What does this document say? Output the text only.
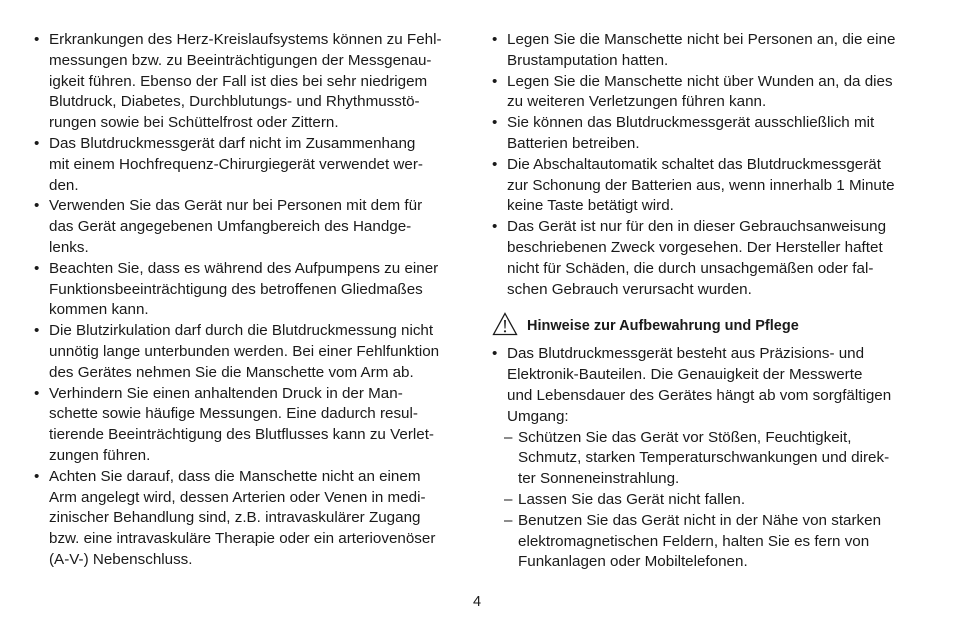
• Erkrankungen des Herz-Kreislaufsystems können zu Fehl-
messungen bzw. zu Beeinträchtigungen der Messgenau-
igkeit führen. Ebenso der Fall ist dies bei sehr niedrigem
Blutdruck, Diabetes, Durchblutungs- und Rhythmusstö-
rungen sowie bei Schüttelfrost oder Zittern.
• Das Blutdruckmessgerät darf nicht im Zusammenhang
mit einem Hochfrequenz-Chirurgiegerät verwendet wer-
den.
• Verwenden Sie das Gerät nur bei Personen mit dem für
das Gerät angegebenen Umfangbereich des Handge-
lenks.
• Beachten Sie, dass es während des Aufpumpens zu einer
Funktionsbeeinträchtigung des betroffenen Gliedmaßes
kommen kann.
• Die Blutzirkulation darf durch die Blutdruckmessung nicht
unnötig lange unterbunden werden. Bei einer Fehlfunktion
des Gerätes nehmen Sie die Manschette vom Arm ab.
• Verhindern Sie einen anhaltenden Druck in der Man-
schette sowie häufige Messungen. Eine dadurch resul-
tierende Beeinträchtigung des Blutflusses kann zu Verlet-
zungen führen.
• Achten Sie darauf, dass die Manschette nicht an einem
Arm angelegt wird, dessen Arterien oder Venen in medi-
zinischer Behandlung sind, z.B. intravaskulärer Zugang
bzw. eine intravaskuläre Therapie oder ein arteriovenöser
(A-V-) Nebenschluss.
• Legen Sie die Manschette nicht bei Personen an, die eine
Brustamputation hatten.
• Legen Sie die Manschette nicht über Wunden an, da dies
zu weiteren Verletzungen führen kann.
• Sie können das Blutdruckmessgerät ausschließlich mit
Batterien betreiben.
• Die Abschaltautomatik schaltet das Blutdruckmessgerät
zur Schonung der Batterien aus, wenn innerhalb 1 Minute
keine Taste betätigt wird.
• Das Gerät ist nur für den in dieser Gebrauchsanweisung
beschriebenen Zweck vorgesehen. Der Hersteller haftet
nicht für Schäden, die durch unsachgemäßen oder fal-
schen Gebrauch verursacht wurden.
Hinweise zur Aufbewahrung und Pflege
• Das Blutdruckmessgerät besteht aus Präzisions- und
Elektronik-Bauteilen. Die Genauigkeit der Messwerte
und Lebensdauer des Gerätes hängt ab vom sorgfältigen
Umgang:
– Schützen Sie das Gerät vor Stößen, Feuchtigkeit,
Schmutz, starken Temperaturschwankungen und direk-
ter Sonneneinstrahlung.
– Lassen Sie das Gerät nicht fallen.
– Benutzen Sie das Gerät nicht in der Nähe von starken
elektromagnetischen Feldern, halten Sie es fern von
Funkanlagen oder Mobiltelefonen.
4
